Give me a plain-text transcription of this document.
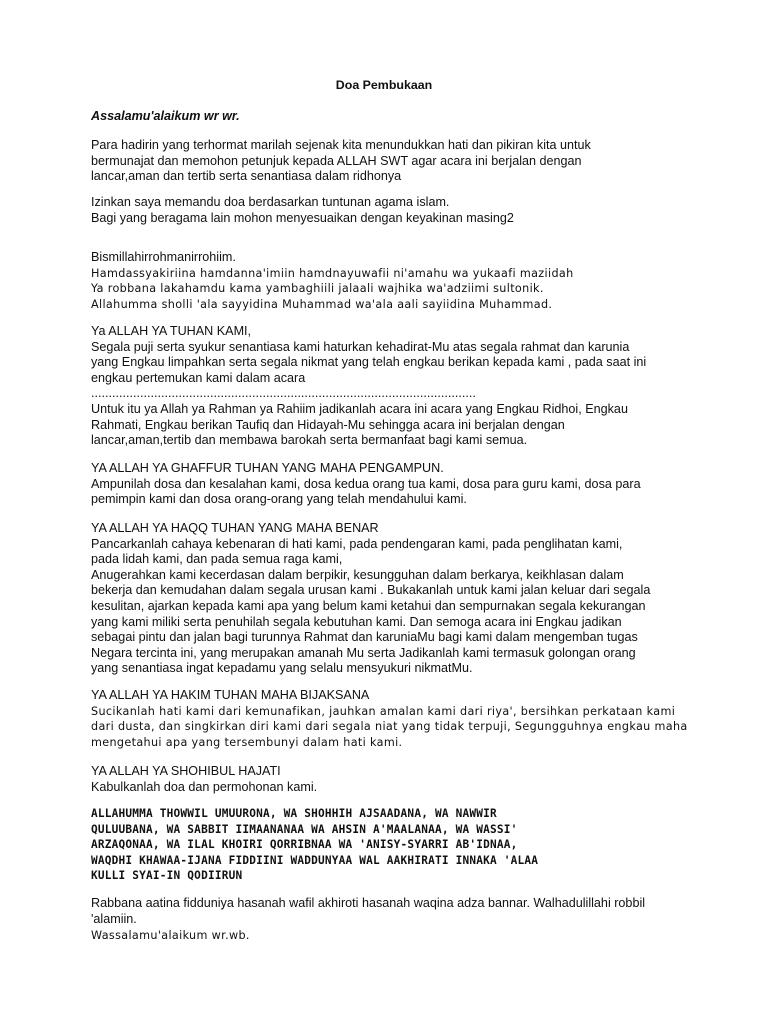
Doa Pembukaan

Assalamu'alaikum wr wr.

Para hadirin yang terhormat marilah sejenak kita menundukkan hati dan pikiran kita untuk
bermunajat dan memohon petunjuk kepada ALLAH SWT agar acara ini berjalan dengan
lancar,aman dan tertib serta senantiasa dalam ridhonya

Izinkan saya memandu doa berdasarkan tuntunan agama islam.
Bagi yang beragama lain mohon menyesuaikan dengan keyakinan masing2

Bismillahirrohmanirrohiim.

Hamdassyakiriina hamdanna'imiin hamdnayuwafii ni'amahu wa yukaafi maziidah
Ya robbana lakahamdu kama yambaghiili jalaali wajhika wa'adziimi sultonik.
Allahumma sholli 'ala sayyidina Muhammad wa'ala aali sayiidina Muhammad.

Ya ALLAH YA TUHAN KAMI,
Segala puji serta syukur senantiasa kami haturkan kehadirat-Mu atas segala rahmat dan karunia
yang Engkau limpahkan serta segala nikmat yang telah engkau berikan kepada kami , pada saat ini
engkau pertemukan kami dalam acara
..............................................................................................................
Untuk itu ya Allah ya Rahman ya Rahiim jadikanlah acara ini acara yang Engkau Ridhoi, Engkau
Rahmati, Engkau berikan Taufiq dan Hidayah-Mu sehingga acara ini berjalan dengan
lancar,aman,tertib dan membawa barokah serta bermanfaat bagi kami semua.

YA ALLAH YA GHAFFUR TUHAN YANG MAHA PENGAMPUN.
Ampunilah dosa dan kesalahan kami, dosa kedua orang tua kami, dosa para guru kami, dosa para
pemimpin kami dan dosa orang-orang yang telah mendahului kami.

YA ALLAH YA HAQQ TUHAN YANG MAHA BENAR
Pancarkanlah cahaya kebenaran di hati kami, pada pendengaran kami, pada penglihatan kami,
pada lidah kami, dan pada semua raga kami,
Anugerahkan kami kecerdasan dalam berpikir, kesungguhan dalam berkarya, keikhlasan dalam
bekerja dan kemudahan dalam segala urusan kami . Bukakanlah untuk kami jalan keluar dari segala
kesulitan, ajarkan kepada kami apa yang belum kami ketahui dan sempurnakan segala kekurangan
yang kami miliki serta penuhilah segala kebutuhan kami. Dan semoga acara ini Engkau jadikan
sebagai pintu dan jalan bagi turunnya Rahmat dan karuniaMu bagi kami dalam mengemban tugas
Negara tercinta ini, yang merupakan amanah Mu serta Jadikanlah kami termasuk golongan orang
yang senantiasa ingat kepadamu yang selalu mensyukuri nikmatMu.

YA ALLAH YA HAKIM TUHAN MAHA BIJAKSANA

Sucikanlah hati kami dari kemunafikan, jauhkan amalan kami dari riya', bersihkan perkataan kami
dari dusta, dan singkirkan diri kami dari segala niat yang tidak terpuji, Segungguhnya engkau maha
mengetahui apa yang tersembunyi dalam hati kami.

YA ALLAH YA SHOHIBUL HAJATI
Kabulkanlah doa dan permohonan kami.

ALLAHUMMA THOWWIL UMUURONA, WA SHOHHIH AJSAADANA, WA NAWWIR
QULUUBANA, WA SABBIT IIMAANANAA WA AHSIN A'MAALANAA, WA WASSI'
ARZAQONAA, WA ILAL KHOIRI QORRIBNAA WA 'ANISY-SYARRI AB'IDNAA,
WAQDHI KHAWAA-IJANA FIDDIINI WADDUNYAA WAL AAKHIRATI INNAKA 'ALAA
KULLI SYAI-IN QODIIRUN

Rabbana aatina fidduniya hasanah wafil akhiroti hasanah waqina adza bannar. Walhadulillahi robbil
'alamiin.

Wassalamu'alaikum wr.wb.
